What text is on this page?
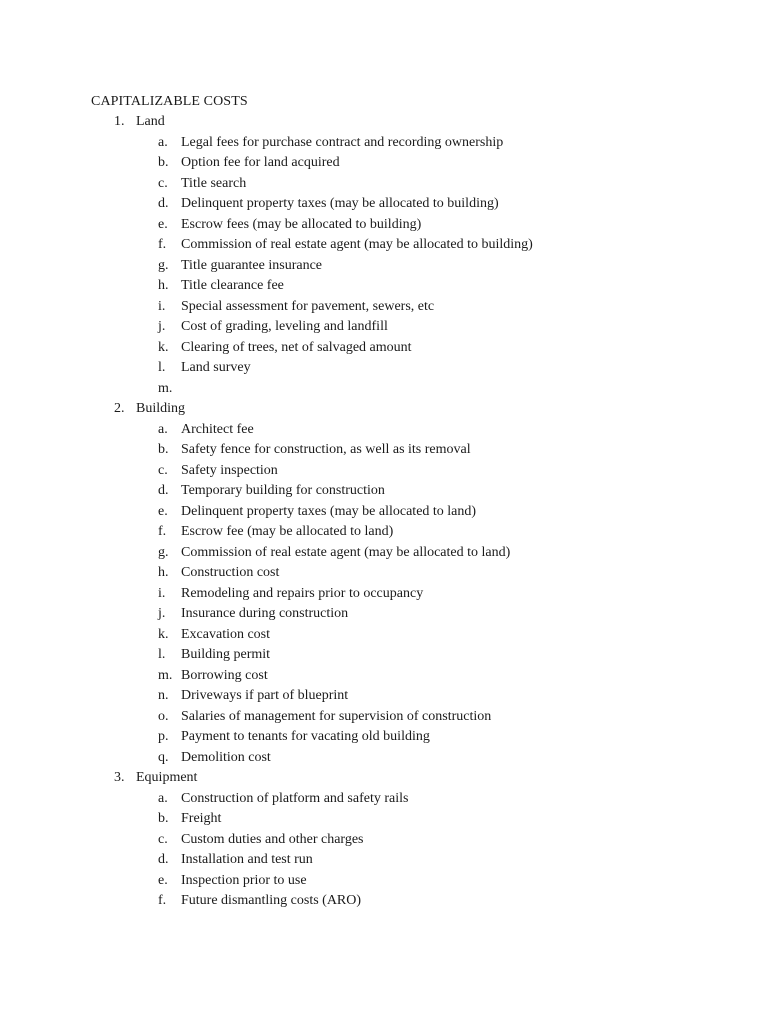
CAPITALIZABLE COSTS
1. Land
a. Legal fees for purchase contract and recording ownership
b. Option fee for land acquired
c. Title search
d. Delinquent property taxes (may be allocated to building)
e. Escrow fees (may be allocated to building)
f. Commission of real estate agent (may be allocated to building)
g. Title guarantee insurance
h. Title clearance fee
i. Special assessment for pavement, sewers, etc
j. Cost of grading, leveling and landfill
k. Clearing of trees, net of salvaged amount
l. Land survey
m.
2. Building
a. Architect fee
b. Safety fence for construction, as well as its removal
c. Safety inspection
d. Temporary building for construction
e. Delinquent property taxes (may be allocated to land)
f. Escrow fee (may be allocated to land)
g. Commission of real estate agent (may be allocated to land)
h. Construction cost
i. Remodeling and repairs prior to occupancy
j. Insurance during construction
k. Excavation cost
l. Building permit
m. Borrowing cost
n. Driveways if part of blueprint
o. Salaries of management for supervision of construction
p. Payment to tenants for vacating old building
q. Demolition cost
3. Equipment
a. Construction of platform and safety rails
b. Freight
c. Custom duties and other charges
d. Installation and test run
e. Inspection prior to use
f. Future dismantling costs (ARO)
